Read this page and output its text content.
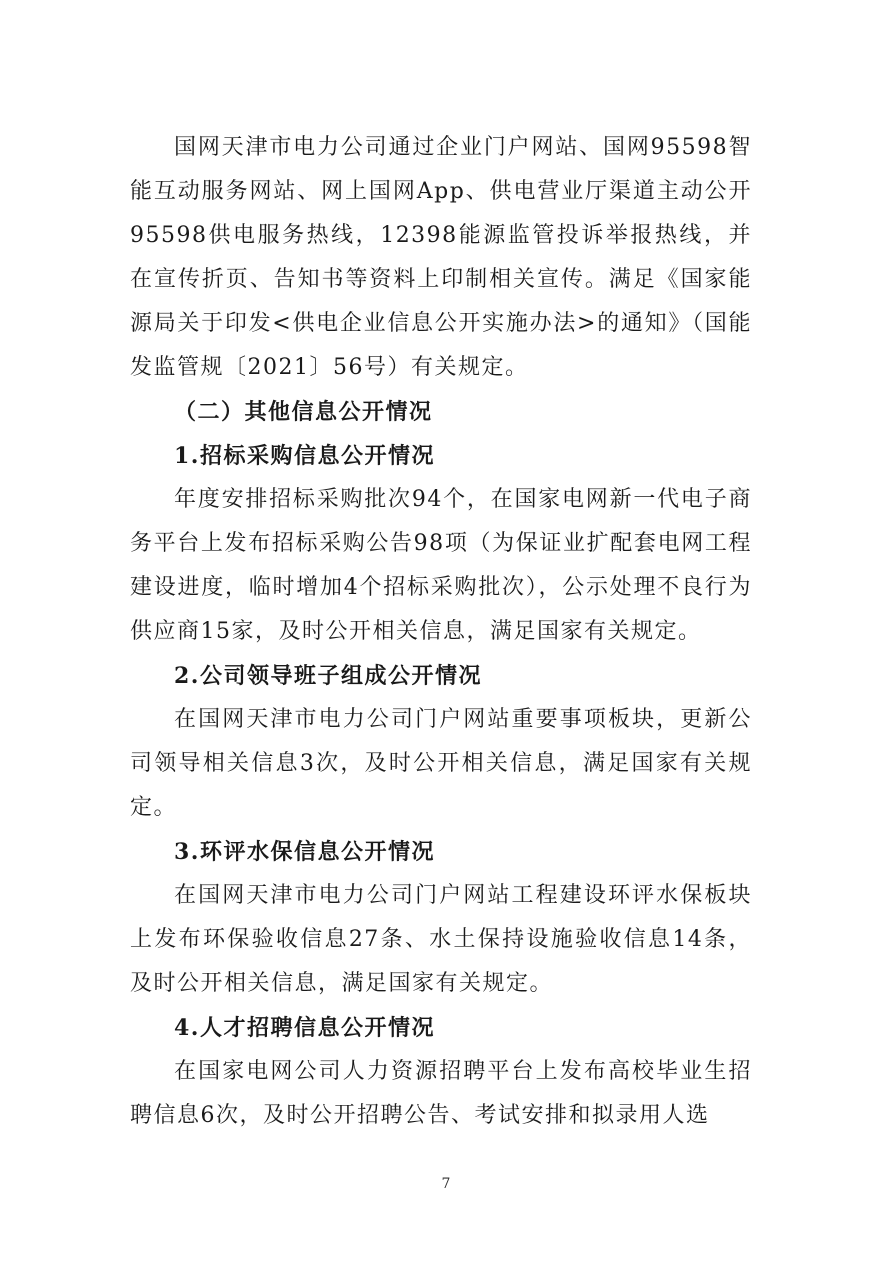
国网天津市电力公司通过企业门户网站、国网95598智能互动服务网站、网上国网App、供电营业厅渠道主动公开95598供电服务热线，12398能源监管投诉举报热线，并在宣传折页、告知书等资料上印制相关宣传。满足《国家能源局关于印发<供电企业信息公开实施办法>的通知》（国能发监管规〔2021〕56号）有关规定。

（二）其他信息公开情况

1.招标采购信息公开情况

年度安排招标采购批次94个，在国家电网新一代电子商务平台上发布招标采购公告98项（为保证业扩配套电网工程建设进度，临时增加4个招标采购批次），公示处理不良行为供应商15家，及时公开相关信息，满足国家有关规定。

2.公司领导班子组成公开情况

在国网天津市电力公司门户网站重要事项板块，更新公司领导相关信息3次，及时公开相关信息，满足国家有关规定。

3.环评水保信息公开情况

在国网天津市电力公司门户网站工程建设环评水保板块上发布环保验收信息27条、水土保持设施验收信息14条，及时公开相关信息，满足国家有关规定。

4.人才招聘信息公开情况

在国家电网公司人力资源招聘平台上发布高校毕业生招聘信息6次，及时公开招聘公告、考试安排和拟录用人选

7
